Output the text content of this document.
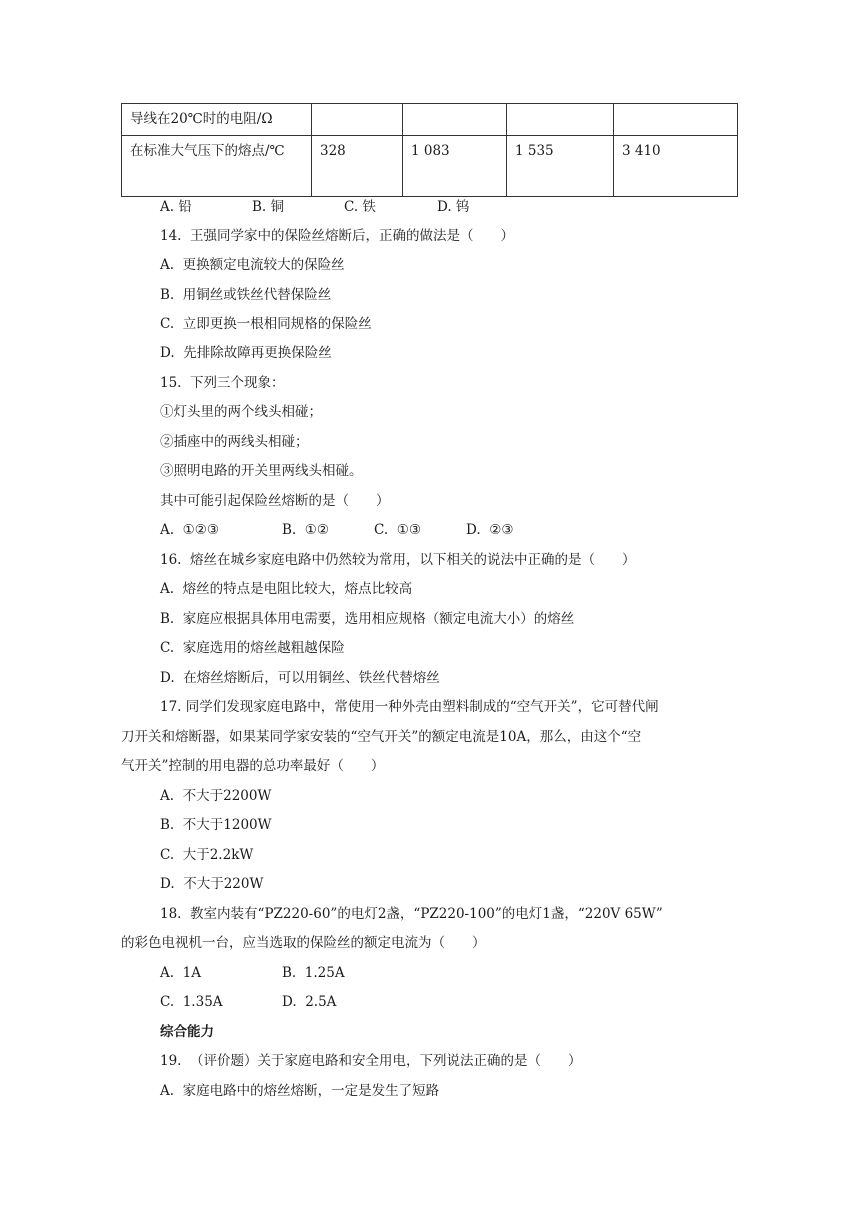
导线在20℃时的电阻/Ω				
在标准大气压下的熔点/℃	328	1 083	1 535	3 410
A. 铅	B. 铜	C. 铁	D. 钨
14.  王强同学家中的保险丝熔断后，正确的做法是（　　）
A.  更换额定电流较大的保险丝
B.  用铜丝或铁丝代替保险丝
C.  立即更换一根相同规格的保险丝
D.  先排除故障再更换保险丝
15.  下列三个现象：
①灯头里的两个线头相碰；
②插座中的两线头相碰；
③照明电路的开关里两线头相碰。
其中可能引起保险丝熔断的是（　　）
A.  ①②③	B.  ①②	C.  ①③	D.  ②③
16.  熔丝在城乡家庭电路中仍然较为常用，以下相关的说法中正确的是（　　）
A.  熔丝的特点是电阻比较大，熔点比较高
B.  家庭应根据具体用电需要，选用相应规格（额定电流大小）的熔丝
C.  家庭选用的熔丝越粗越保险
D.  在熔丝熔断后，可以用铜丝、铁丝代替熔丝
17. 同学们发现家庭电路中，常使用一种外壳由塑料制成的“空气开关”，它可替代闸
刀开关和熔断器，如果某同学家安装的“空气开关”的额定电流是10A，那么，由这个“空
气开关”控制的用电器的总功率最好（　　）
A.  不大于2200W
B.  不大于1200W
C.  大于2.2kW
D.  不大于220W
18.  教室内装有“PZ220-60”的电灯2盏，“PZ220-100”的电灯1盏，“220V 65W”
的彩色电视机一台，应当选取的保险丝的额定电流为（　　）
A.  1A	B.  1.25A
C.  1.35A	D.  2.5A
综合能力
19.  （评价题）关于家庭电路和安全用电，下列说法正确的是（　　）
A.  家庭电路中的熔丝熔断，一定是发生了短路
